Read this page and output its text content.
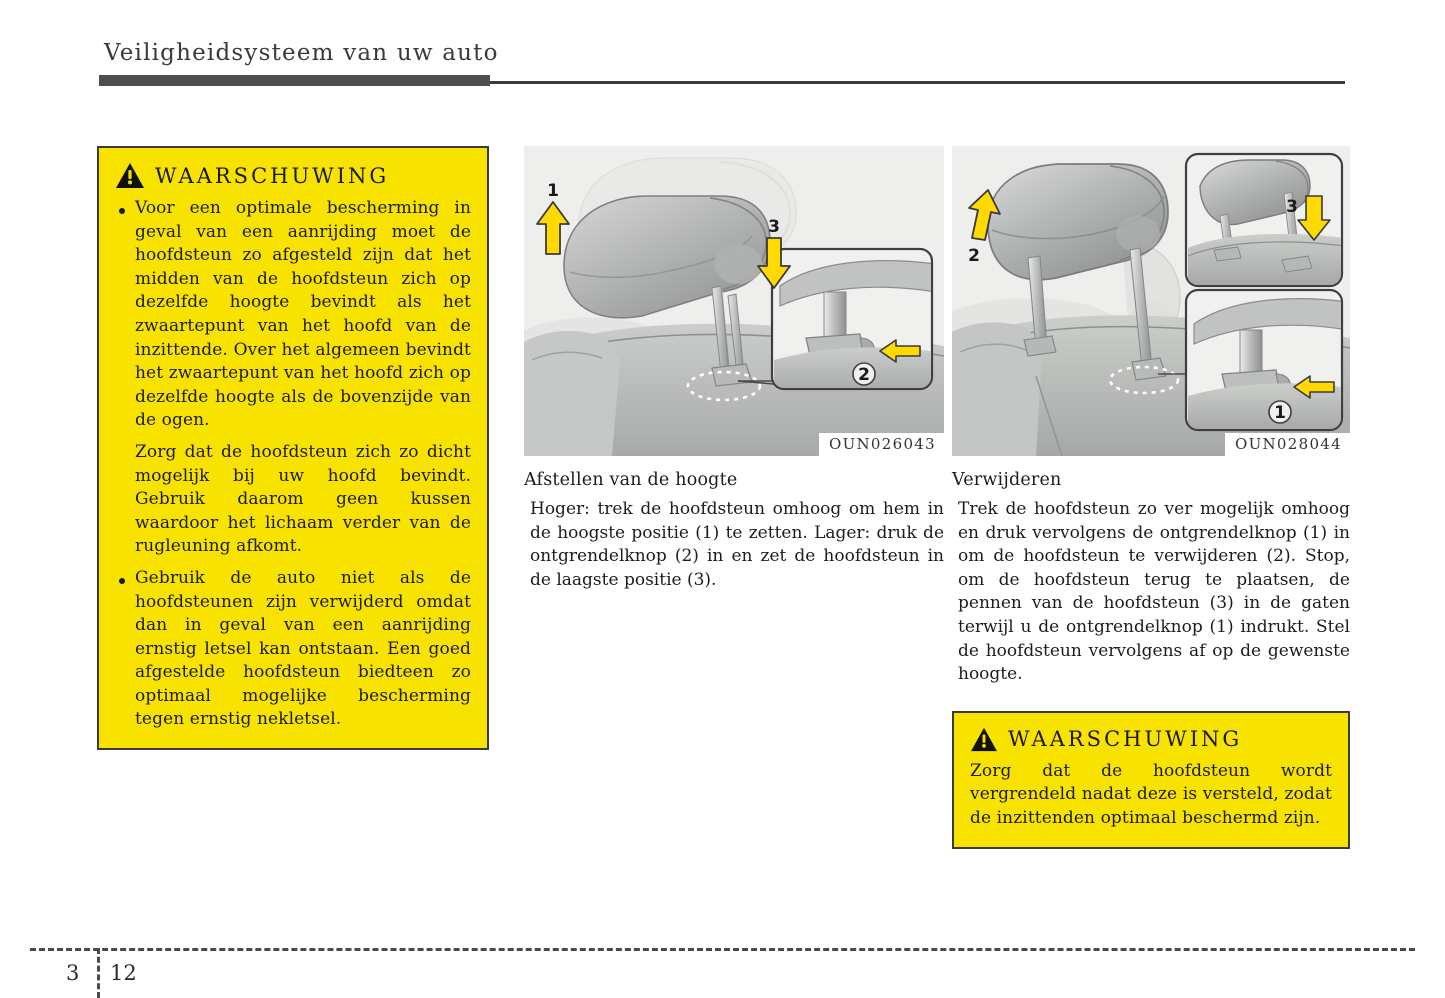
Veiligheidsysteem van uw auto
WAARSCHUWING

Voor een optimale bescherming in geval van een aanrijding moet de hoofdsteun zo afgesteld zijn dat het midden van de hoofdsteun zich op dezelfde hoogte bevindt als het zwaartepunt van het hoofd van de inzittende. Over het algemeen bevindt het zwaartepunt van het hoofd zich op dezelfde hoogte als de bovenzijde van de ogen.

Zorg dat de hoofdsteun zich zo dicht mogelijk bij uw hoofd bevindt. Gebruik daarom geen kussen waardoor het lichaam verder van de rugleuning afkomt.

Gebruik de auto niet als de hoofdsteunen zijn verwijderd omdat dan in geval van een aanrijding ernstig letsel kan ontstaan. Een goed afgestelde hoofdsteun biedteen zo optimaal mogelijke bescherming tegen ernstig nekletsel.

2
1
3
OUN026043
Afstellen van de hoogte

Hoger: trek de hoofdsteun omhoog om hem in de hoogste positie (1) te zetten. Lager: druk de ontgrendelknop (2) in en zet de hoofdsteun in de laagste positie (3).

3
1
2
OUN028044
Verwijderen

Trek de hoofdsteun zo ver mogelijk omhoog en druk vervolgens de ontgrendelknop (1) in om de hoofdsteun te verwijderen (2). Stop, om de hoofdsteun terug te plaatsen, de pennen van de hoofdsteun (3) in de gaten terwijl u de ontgrendelknop (1) indrukt. Stel de hoofdsteun vervolgens af op de gewenste hoogte.

WAARSCHUWING

Zorg dat de hoofdsteun wordt vergrendeld nadat deze is versteld, zodat de inzittenden optimaal beschermd zijn.

3 12
